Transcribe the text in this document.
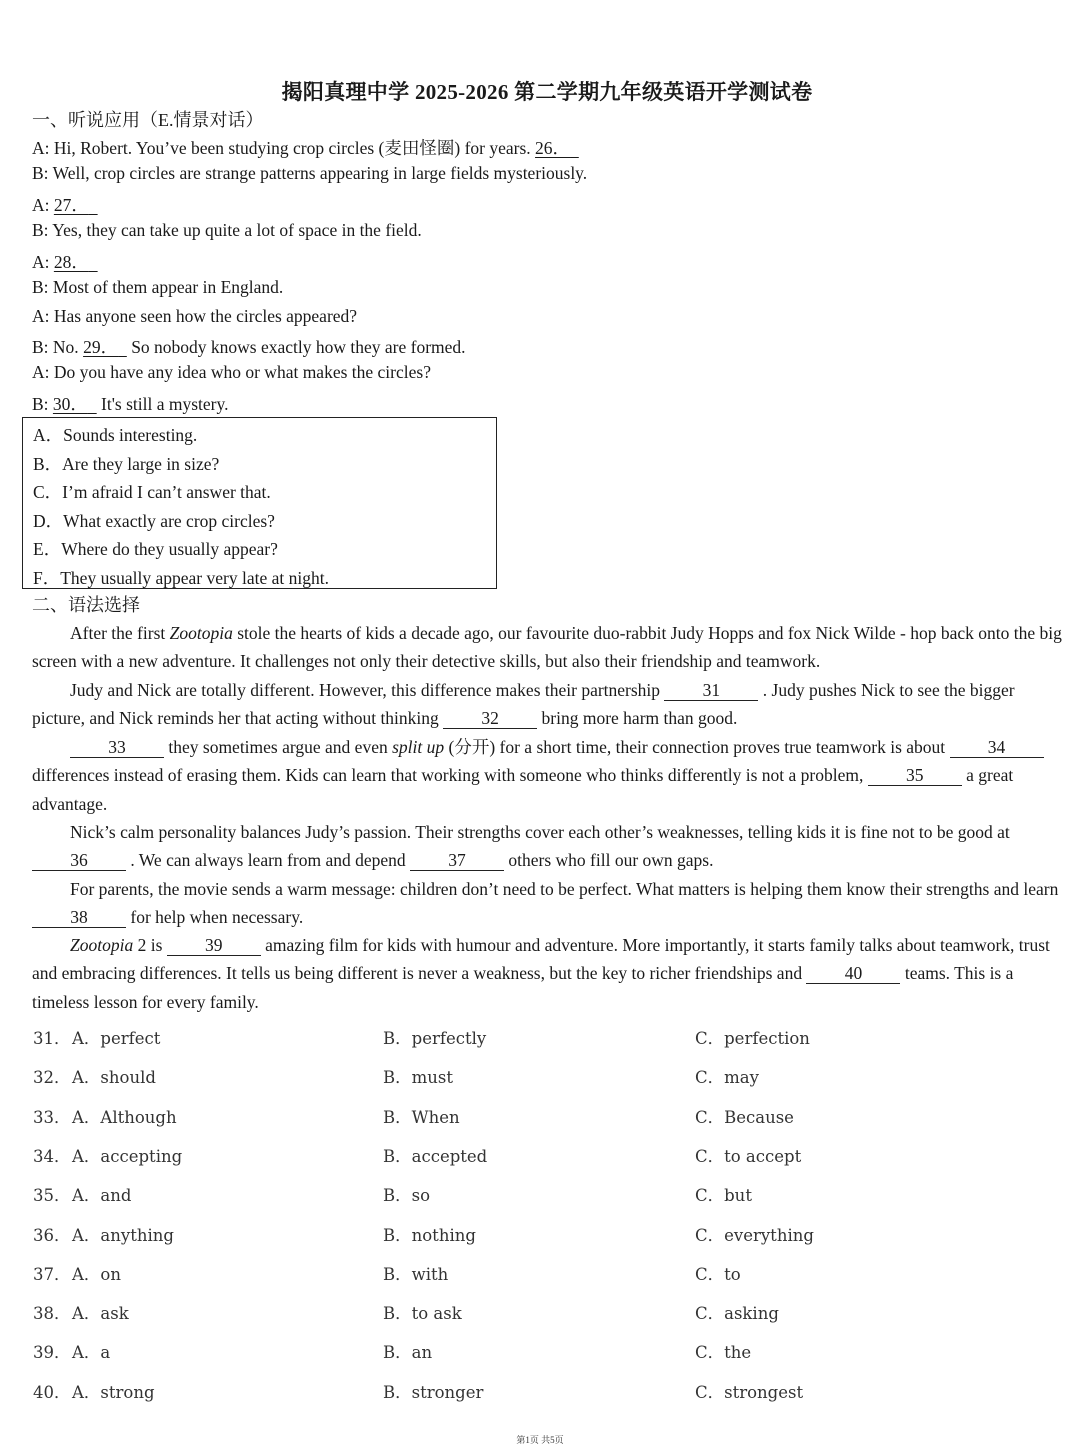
揭阳真理中学 2025-2026 第二学期九年级英语开学测试卷
一、听说应用（E.情景对话）
A: Hi, Robert. You’ve been studying crop circles (麦田怪圈) for years. 26．
B: Well, crop circles are strange patterns appearing in large fields mysteriously.
A: 27．
B: Yes, they can take up quite a lot of space in the field.
A: 28．
B: Most of them appear in England.
A: Has anyone seen how the circles appeared?
B: No. 29．   So nobody knows exactly how they are formed.
A: Do you have any idea who or what makes the circles?
B: 30．   It's still a mystery.
A．Sounds interesting.
B．Are they large in size?
C．I’m afraid I can’t answer that.
D．What exactly are crop circles?
E．Where do they usually appear?
F．They usually appear very late at night.
二、语法选择
After the first Zootopia stole the hearts of kids a decade ago, our favourite duo-rabbit Judy Hopps and fox Nick Wilde - hop back onto the big screen with a new adventure. It challenges not only their detective skills, but also their friendship and teamwork.
Judy and Nick are totally different. However, this difference makes their partnership 31 . Judy pushes Nick to see the bigger picture, and Nick reminds her that acting without thinking 32 bring more harm than good.
33 they sometimes argue and even split up (分开) for a short time, their connection proves true teamwork is about 34 differences instead of erasing them. Kids can learn that working with someone who thinks differently is not a problem, 35 a great advantage.
Nick’s calm personality balances Judy’s passion. Their strengths cover each other’s weaknesses, telling kids it is fine not to be good at 36 . We can always learn from and depend 37 others who fill our own gaps.
For parents, the movie sends a warm message: children don’t need to be perfect. What matters is helping them know their strengths and learn 38 for help when necessary.
Zootopia 2 is 39 amazing film for kids with humour and adventure. More importantly, it starts family talks about teamwork, trust and embracing differences. It tells us being different is never a weakness, but the key to richer friendships and 40 teams. This is a timeless lesson for every family.
31． A．perfect	B．perfectly	C．perfection
32． A．should	B．must	C．may
33． A．Although	B．When	C．Because
34． A．accepting	B．accepted	C．to accept
35． A．and	B．so	C．but
36． A．anything	B．nothing	C．everything
37． A．on	B．with	C．to
38． A．ask	B．to ask	C．asking
39． A．a	B．an	C．the
40． A．strong	B．stronger	C．strongest
第1页 共5页
